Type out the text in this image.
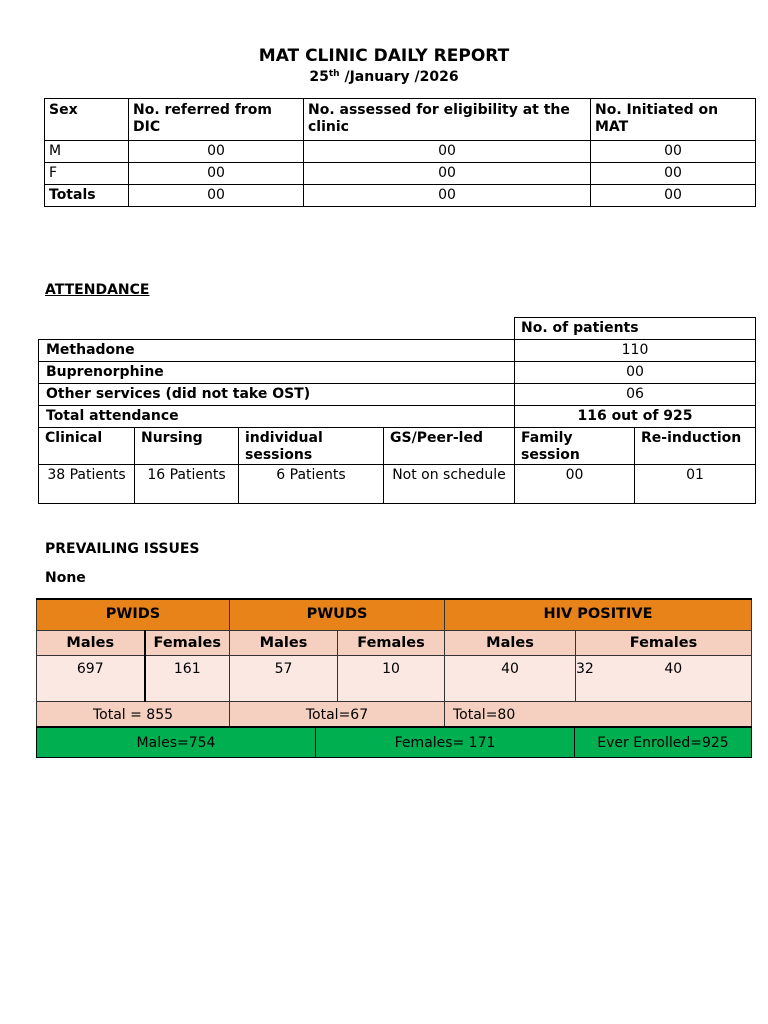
MAT CLINIC DAILY REPORT
25th /January /2026
Sex	No. referred from DIC	No. assessed for eligibility at the clinic	No. Initiated on MAT
M	00	00	00
F	00	00	00
Totals	00	00	00
ATTENDANCE
				No. of patients	
Methadone				110	
Buprenorphine				00	
Other services (did not take OST)				06	
Total attendance				116 out of 925	
Clinical	Nursing	individual sessions	GS/Peer-led	Family session	Re-induction
38 Patients	16 Patients	6 Patients	Not on schedule	00	01
PREVAILING ISSUES
None
PWIDS		PWUDS		HIV POSITIVE		
Males	Females	Males	Females	Males	Females	
697	161	57	10	40	32	40
Total = 855		Total=67		Total=80		
Males=754	Females= 171	Ever Enrolled=925
